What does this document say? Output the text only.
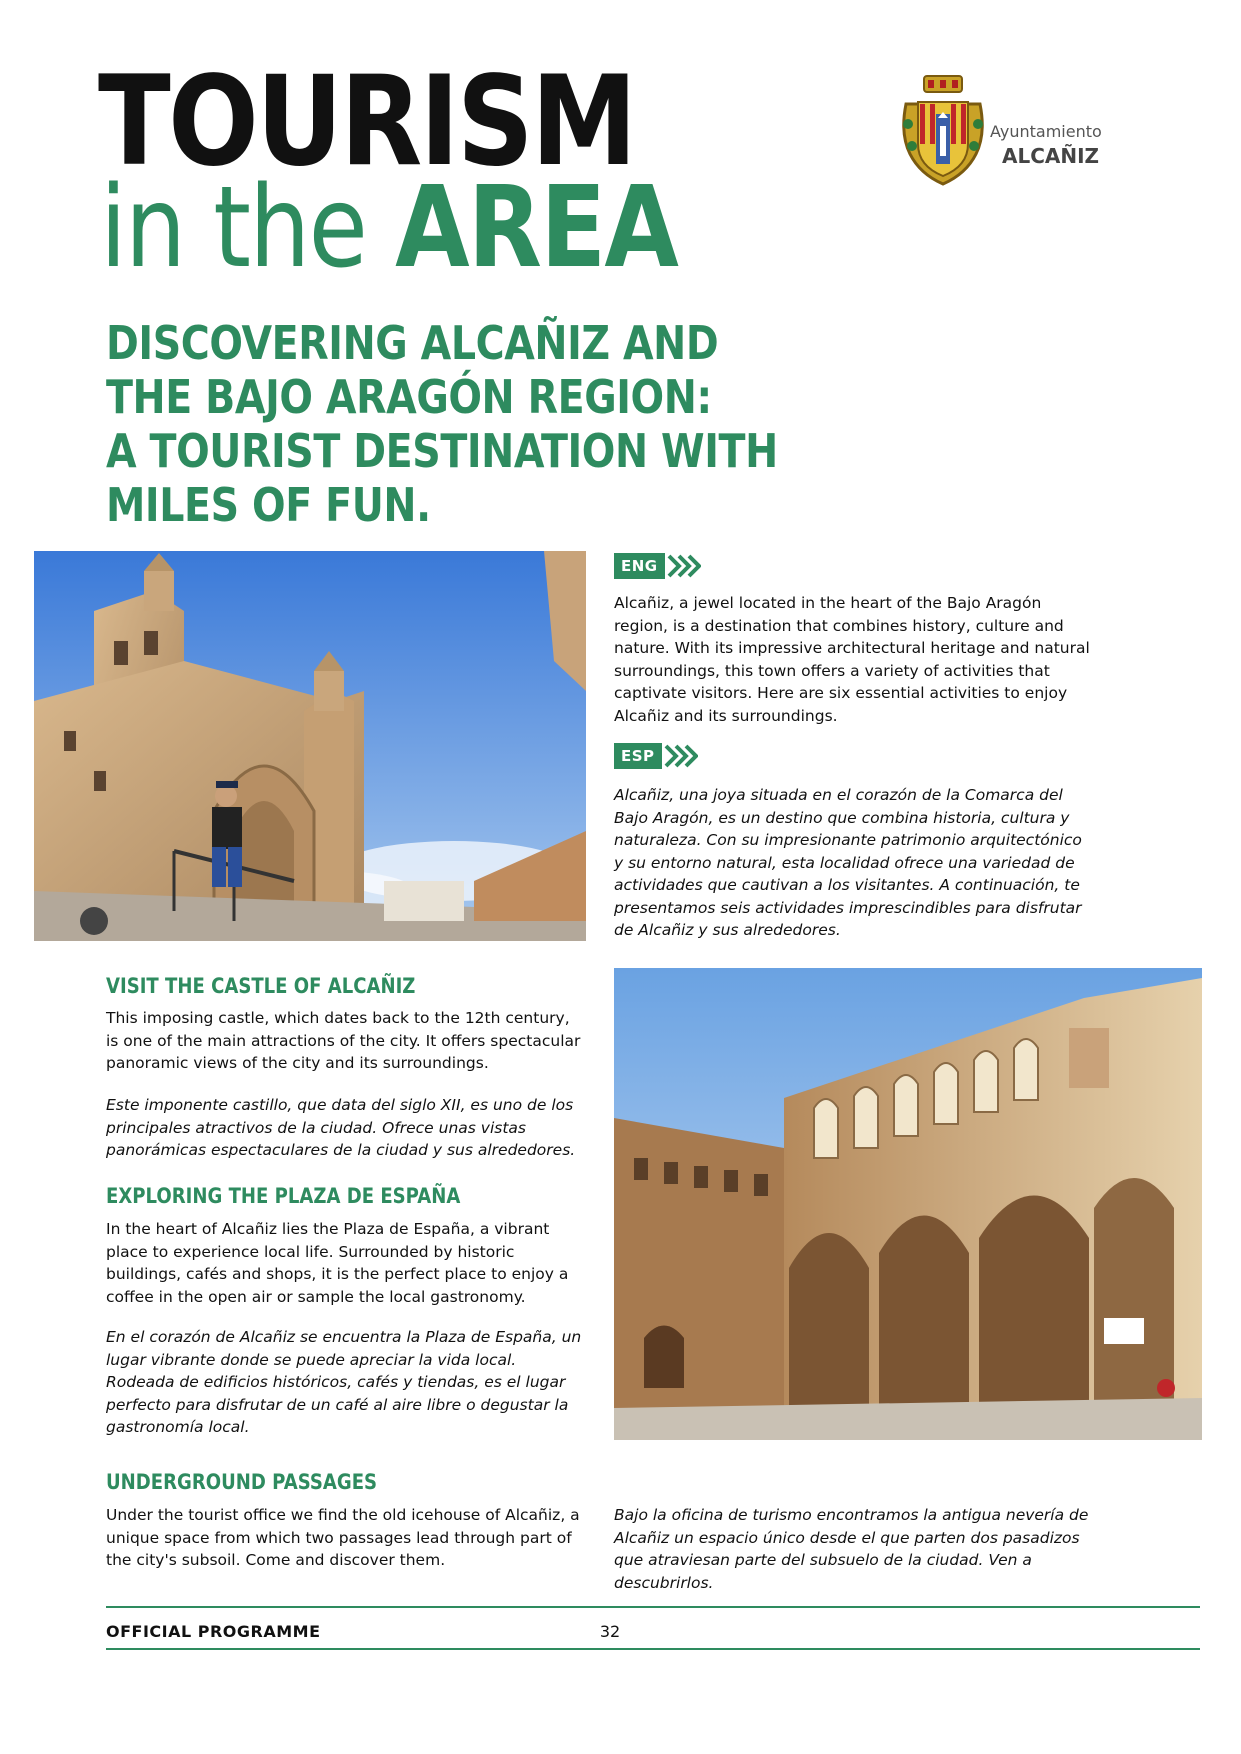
TOURISM
in the AREA
Ayuntamiento
ALCAÑIZ
DISCOVERING ALCAÑIZ AND
THE BAJO ARAGÓN REGION:
A TOURIST DESTINATION WITH
MILES OF FUN.
ENG
Alcañiz, a jewel located in the heart of the Bajo Aragón region, is a destination that combines history, culture and nature. With its impressive architectural heritage and natural surroundings, this town offers a variety of activities that captivate visitors. Here are six essential activities to enjoy Alcañiz and its surroundings.
ESP
Alcañiz, una joya situada en el corazón de la Comarca del Bajo Aragón, es un destino que combina historia, cultura y naturaleza. Con su impresionante patrimonio arquitectónico y su entorno natural, esta localidad ofrece una variedad de actividades que cautivan a los visitantes. A continuación, te presentamos seis actividades imprescindibles para disfrutar de Alcañiz y sus alrededores.
VISIT THE CASTLE OF ALCAÑIZ
This imposing castle, which dates back to the 12th century, is one of the main attractions of the city. It offers spectacular panoramic views of the city and its surroundings.
Este imponente castillo, que data del siglo XII, es uno de los principales atractivos de la ciudad. Ofrece unas vistas panorámicas espectaculares de la ciudad y sus alrededores.
EXPLORING THE PLAZA DE ESPAÑA
In the heart of Alcañiz lies the Plaza de España, a vibrant place to experience local life. Surrounded by historic buildings, cafés and shops, it is the perfect place to enjoy a coffee in the open air or sample the local gastronomy.
En el corazón de Alcañiz se encuentra la Plaza de España, un lugar vibrante donde se puede apreciar la vida local. Rodeada de edificios históricos, cafés y tiendas, es el lugar perfecto para disfrutar de un café al aire libre o degustar la gastronomía local.
UNDERGROUND PASSAGES
Under the tourist office we find the old icehouse of Alcañiz, a unique space from which two passages lead through part of the city's subsoil. Come and discover them.
Bajo la oficina de turismo encontramos la antigua nevería de Alcañiz un espacio único desde el que parten dos pasadizos que atraviesan parte del subsuelo de la ciudad. Ven a descubrirlos.
OFFICIAL PROGRAMME	32
